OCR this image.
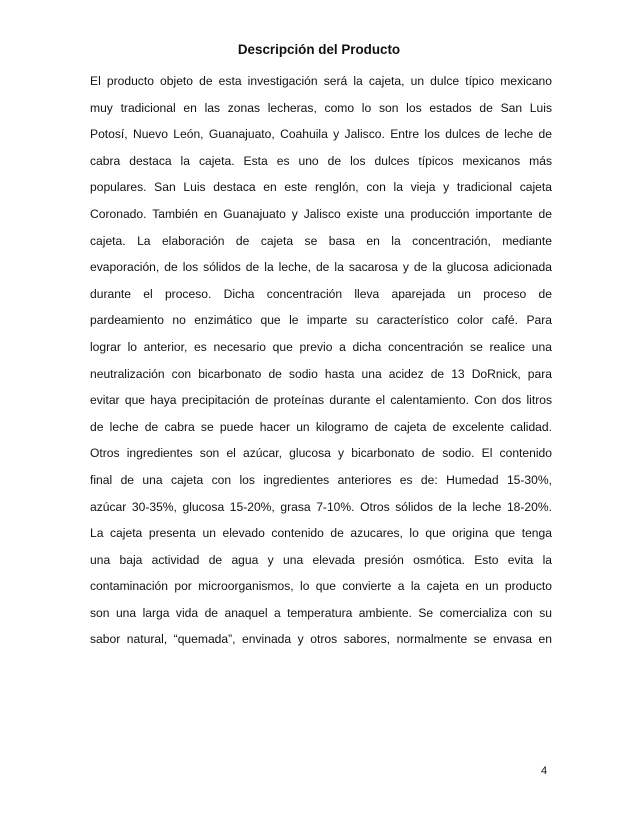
Descripción del Producto
El producto objeto de esta investigación será la cajeta, un dulce típico mexicano
muy tradicional en las zonas lecheras, como lo son los estados de San Luis
Potosí, Nuevo León, Guanajuato, Coahuila y Jalisco. Entre los dulces de leche de
cabra destaca la cajeta. Esta es uno de los dulces típicos mexicanos más
populares. San Luis destaca en este renglón, con la vieja y tradicional cajeta
Coronado. También en Guanajuato y Jalisco existe una producción importante de
cajeta. La elaboración de cajeta se basa en la concentración, mediante
evaporación, de los sólidos de la leche, de la sacarosa y de la glucosa adicionada
durante el proceso. Dicha concentración lleva aparejada un proceso de
pardeamiento no enzimático que le imparte su característico color café. Para
lograr lo anterior, es necesario que previo a dicha concentración se realice una
neutralización con bicarbonato de sodio hasta una acidez de 13 DoRnick, para
evitar que haya precipitación de proteínas durante el calentamiento. Con dos litros
de leche de cabra se puede hacer un kilogramo de cajeta de excelente calidad.
Otros ingredientes son el azúcar, glucosa y bicarbonato de sodio. El contenido
final de una cajeta con los ingredientes anteriores es de: Humedad 15-30%,
azúcar 30-35%, glucosa 15-20%, grasa 7-10%. Otros sólidos de la leche 18-20%.
La cajeta presenta un elevado contenido de azucares, lo que origina que tenga
una baja actividad de agua y una elevada presión osmótica. Esto evita la
contaminación por microorganismos, lo que convierte a la cajeta en un producto
son una larga vida de anaquel a temperatura ambiente. Se comercializa con su
sabor natural, “quemada”, envinada y otros sabores, normalmente se envasa en
4
